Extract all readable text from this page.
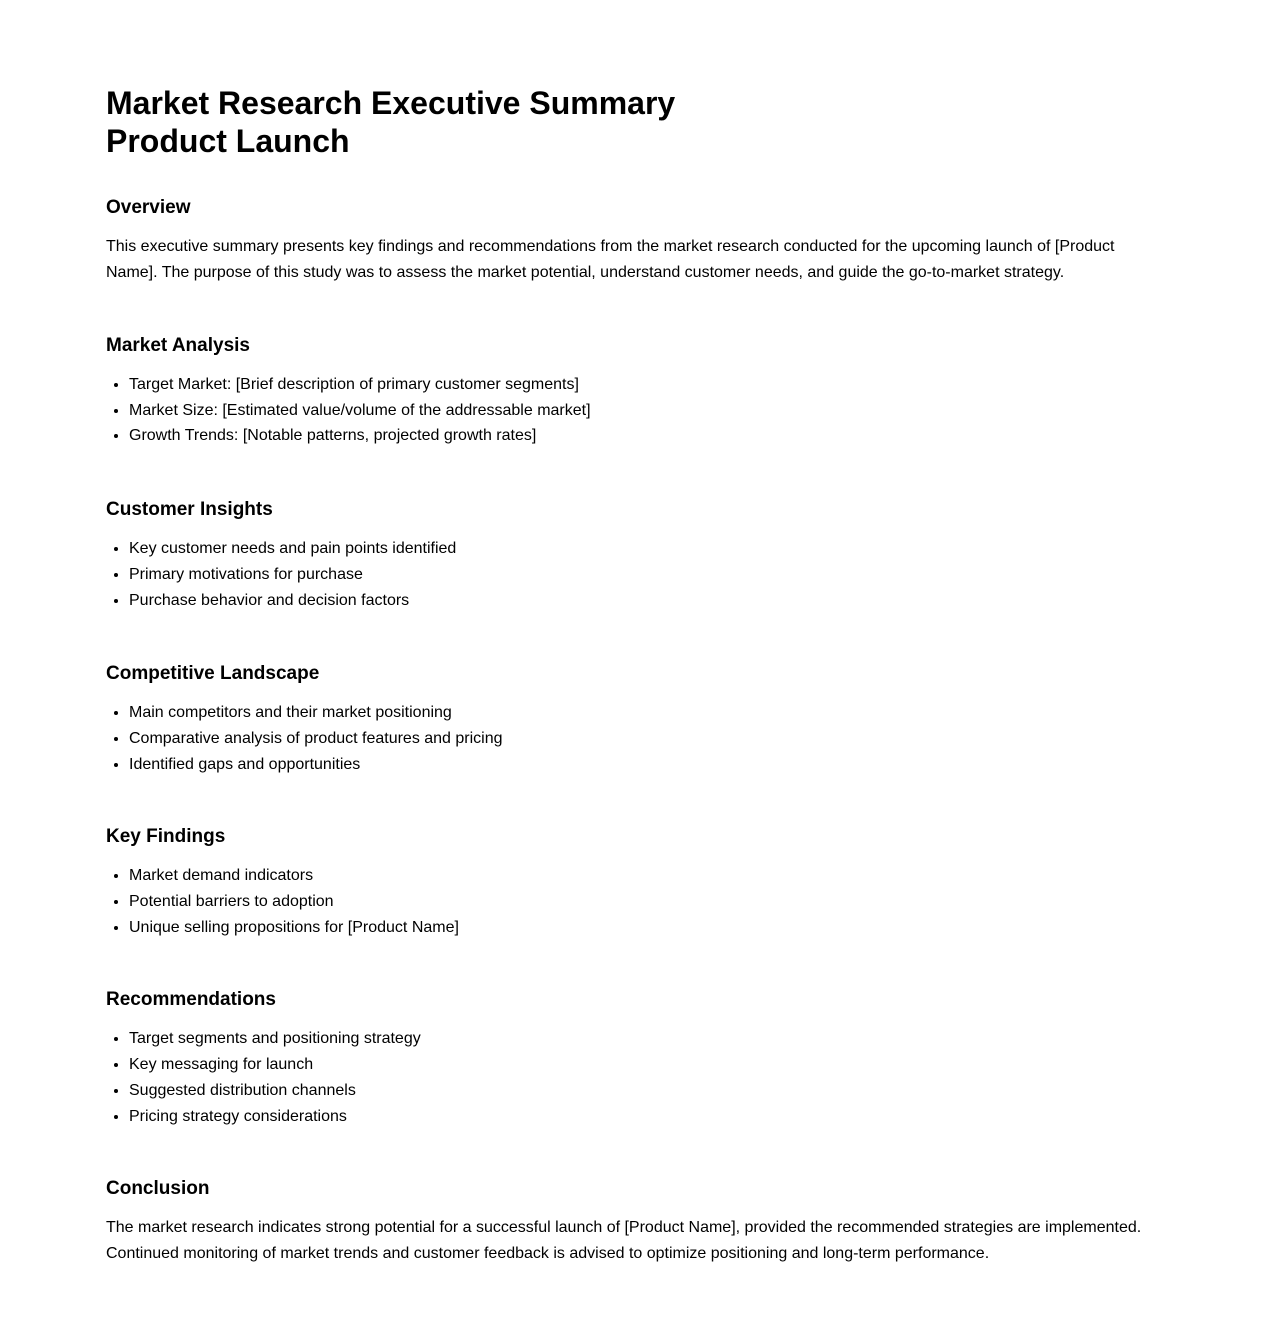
Market Research Executive Summary
Product Launch
Overview

This executive summary presents key findings and recommendations from the market research conducted for the upcoming launch of [Product Name]. The purpose of this study was to assess the market potential, understand customer needs, and guide the go-to-market strategy.

Market Analysis
• Target Market: [Brief description of primary customer segments]
• Market Size: [Estimated value/volume of the addressable market]
• Growth Trends: [Notable patterns, projected growth rates]
Customer Insights
• Key customer needs and pain points identified
• Primary motivations for purchase
• Purchase behavior and decision factors
Competitive Landscape
• Main competitors and their market positioning
• Comparative analysis of product features and pricing
• Identified gaps and opportunities
Key Findings
• Market demand indicators
• Potential barriers to adoption
• Unique selling propositions for [Product Name]
Recommendations
• Target segments and positioning strategy
• Key messaging for launch
• Suggested distribution channels
• Pricing strategy considerations
Conclusion

The market research indicates strong potential for a successful launch of [Product Name], provided the recommended strategies are implemented. Continued monitoring of market trends and customer feedback is advised to optimize positioning and long-term performance.
